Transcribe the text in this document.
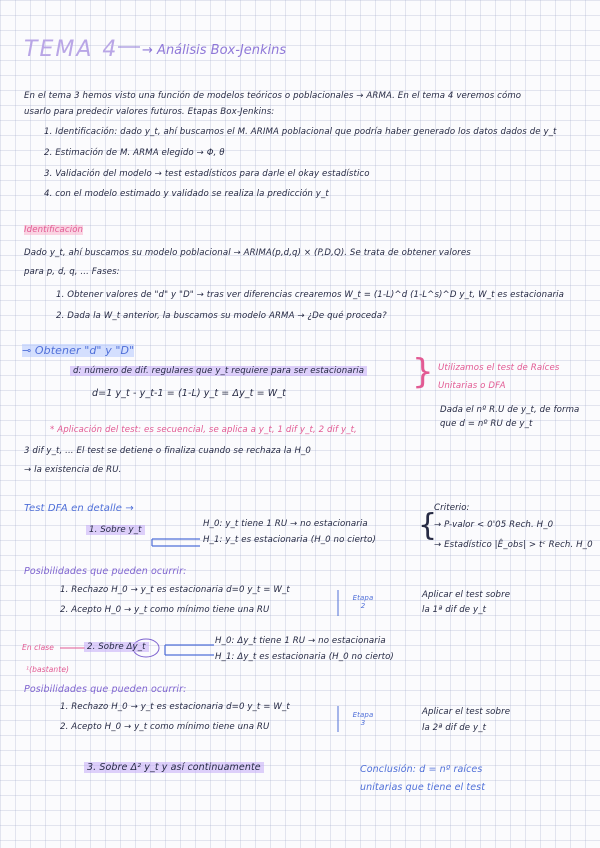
TEMA 4 → Análisis Box-Jenkins
En el tema 3 hemos visto una función de modelos teóricos o poblacionales → ARMA. En el tema 4 veremos cómo
usarlo para predecir valores futuros. Etapas Box-Jenkins:
1. Identificación: dado y_t, ahí buscamos el M. ARIMA poblacional que podría haber generado los datos dados de y_t
2. Estimación de M. ARMA elegido → Φ, θ
3. Validación del modelo → test estadísticos para darle el okay estadístico
4. con el modelo estimado y validado se realiza la predicción y_t
Identificación
Dado y_t, ahí buscamos su modelo poblacional → ARIMA(p,d,q) × (P,D,Q). Se trata de obtener valores
para p, d, q, ... Fases:
1. Obtener valores de "d" y "D" → tras ver diferencias crearemos W_t = (1-L)^d (1-L^s)^D y_t, W_t es estacionaria
2. Dada la W_t anterior, la buscamos su modelo ARMA → ¿De qué proceda?
⊸ Obtener "d" y "D"
d: número de dif. regulares que y_t requiere para ser estacionaria
d=1 y_t - y_t-1 = (1-L) y_t = Δy_t = W_t
} Utilizamos el test de Raíces
Unitarias o DFA
Dada el nº R.U de y_t, de forma
que d = nº RU de y_t
* Aplicación del test: es secuencial, se aplica a y_t, 1 dif y_t, 2 dif y_t,
3 dif y_t, ... El test se detiene o finaliza cuando se rechaza la H_0
→ la existencia de RU.
Test DFA en detalle →
1. Sobre y_t
H_0: y_t tiene 1 RU → no estacionaria
H_1: y_t es estacionaria (H_0 no cierto) {
Criterio:
→ P-valor < 0'05 Rech. H_0
→ Estadístico |Ê_obs| > tᶜ Rech. H_0
Posibilidades que pueden ocurrir:
1. Rechazo H_0 → y_t es estacionaria d=0 y_t = W_t
2. Acepto H_0 → y_t como mínimo tiene una RU
Etapa 2
Aplicar el test sobre
la 1ª dif de y_t
En clase
¹(bastante)
2. Sobre Δy_t
H_0: Δy_t tiene 1 RU → no estacionaria
H_1: Δy_t es estacionaria (H_0 no cierto)
Posibilidades que pueden ocurrir:
1. Rechazo H_0 → y_t es estacionaria d=0 y_t = W_t
2. Acepto H_0 → y_t como mínimo tiene una RU
Etapa 3
Aplicar el test sobre
la 2ª dif de y_t
3. Sobre Δ² y_t y así continuamente	Conclusión: d = nº raíces
unitarias que tiene el test
